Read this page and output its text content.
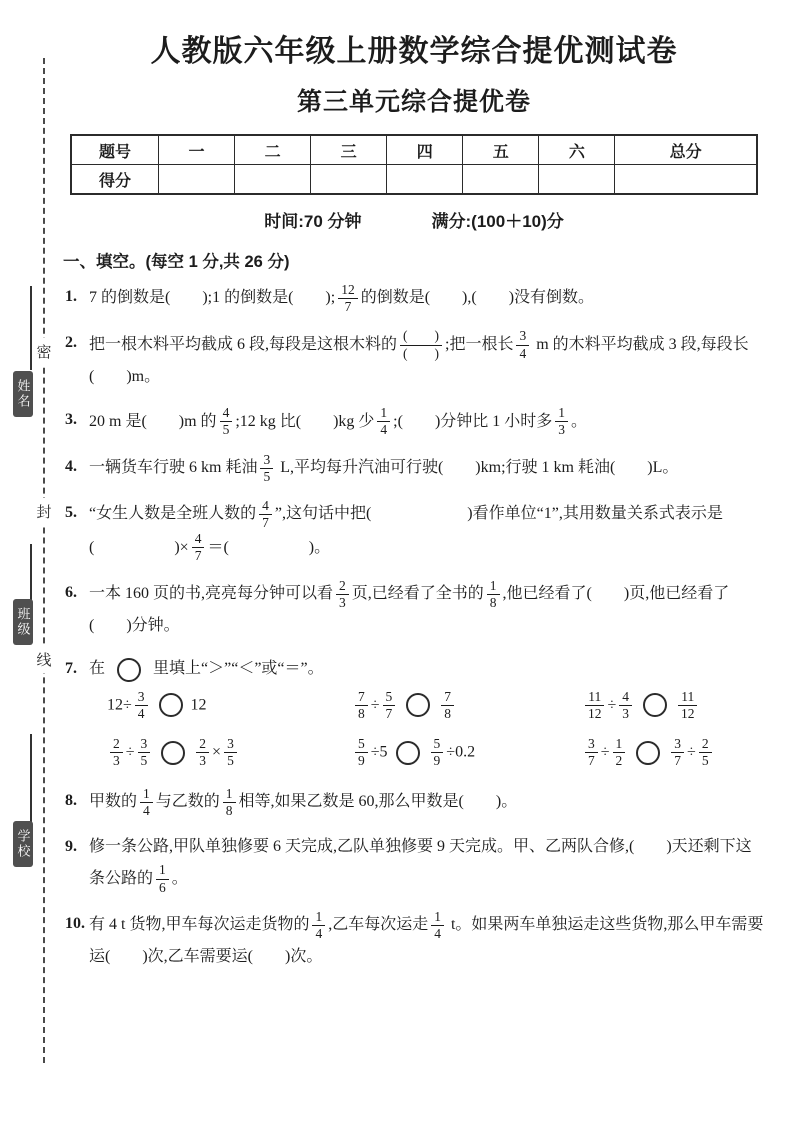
密
封
线
姓名
班级
学校
人教版六年级上册数学综合提优测试卷
第三单元综合提优卷
题号	一	二	三	四	五	六	总分
得分							
时间:70 分钟	满分:(100＋10)分
一、填空。(每空 1 分,共 26 分)
1. 7 的倒数是(　　);1 的倒数是(　　); $\frac{12}{7}$ 的倒数是(　　),(　　)没有倒数。
2. 把一根木料平均截成 6 段,每段是这根木料的 $\frac{( )}{( )}$ ;把一根长 $\frac{3}{4}$ m 的木料平均截成 3 段,每段长(　　)m。
3. 20 m 是(　　)m 的 $\frac{4}{5}$ ;12 kg 比(　　)kg 少 $\frac{1}{4}$ ;(　　)分钟比 1 小时多 $\frac{1}{3}$ 。
4. 一辆货车行驶 6 km 耗油 $\frac{3}{5} L$,平均每升汽油可行驶(　　)km;行驶 1 km 耗油(　　)L。
5. “女生人数是全班人数的 $\frac{4}{7}$ ”,这句话中把(　　　　　　)看作单位“1”,其用数量关系式表示是
(　　　　　)× $\frac{4}{7}$ ＝(　　　　　)。
6. 一本 160 页的书,亮亮每分钟可以看 $\frac{2}{3}$ 页,已经看了全书的 $\frac{1}{8}$ ,他已经看了(　　)页,他已经看了(　　)分钟。
7. 在	里填上“＞”“＜”或“＝”。
$12\div \frac{3}{4}$	12	$\frac{7}{8} \div \frac{5}{7}$	$\frac{7}{8}$	$\frac{11}{12} \div \frac{4}{3}$	$\frac{11}{12}$
$\frac{2}{3} \div \frac{3}{5}$	$\frac{2}{3} \times \frac{3}{5}$	$\frac{5}{9} \div 5$	$\frac{5}{9} \div 0.2$	$\frac{3}{7} \div \frac{1}{2}$	$\frac{3}{7} \div \frac{2}{5}$
8. 甲数的 $\frac{1}{4}$ 与乙数的 $\frac{1}{8}$ 相等,如果乙数是 60,那么甲数是(　　)。
9. 修一条公路,甲队单独修要 6 天完成,乙队单独修要 9 天完成。甲、乙两队合修,(　　)天还剩下这条公路的 $\frac{1}{6}$ 。
10. 有 4 t 货物,甲车每次运走货物的 $\frac{1}{4}$ ,乙车每次运走 $\frac{1}{4}$ t。如果两车单独运走这些货物,那么甲车需要运(　　)次,乙车需要运(　　)次。
